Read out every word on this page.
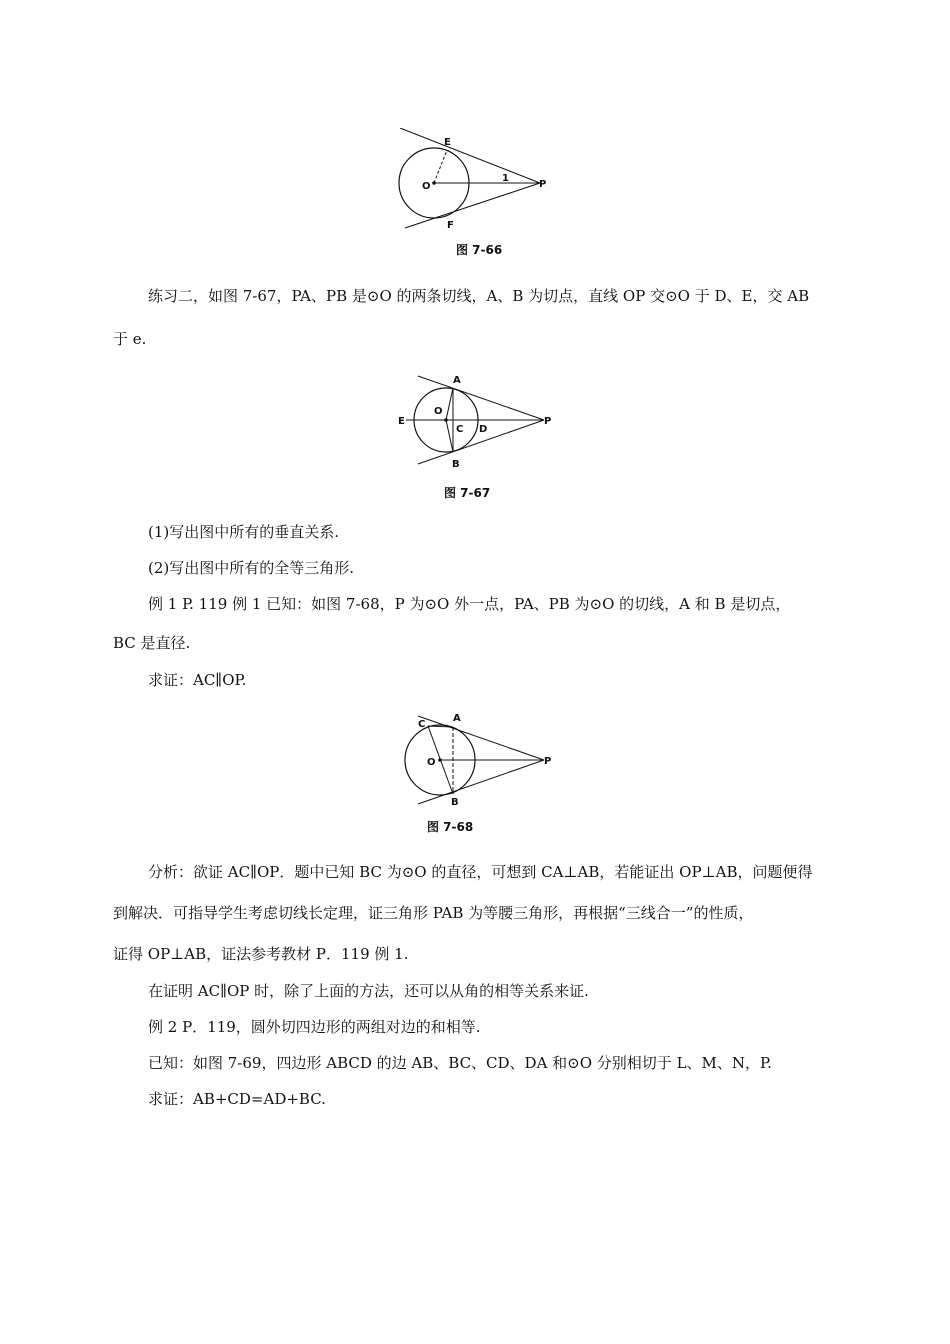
E
O
1
P
F
图 7-66
练习二，如图 7-67，PA、PB 是⊙O 的两条切线，A、B 为切点，直线 OP 交⊙O 于 D、E，交 AB
于 e.
A
O
E
C D
P
B
图 7-67
(1)写出图中所有的垂直关系.
(2)写出图中所有的全等三角形.
例 1 P. 119 例 1 已知：如图 7-68，P 为⊙O 外一点，PA、PB 为⊙O 的切线，A 和 B 是切点，
BC 是直径.
求证：AC∥OP.
C
A
O	P
B
图 7-68
分析：欲证 AC∥OP．题中已知 BC 为⊙O 的直径，可想到 CA⊥AB，若能证出 OP⊥AB，问题便得
到解决．可指导学生考虑切线长定理，证三角形 PAB 为等腰三角形，再根据“三线合一”的性质，
证得 OP⊥AB，证法参考教材 P．119 例 1.
在证明 AC∥OP 时，除了上面的方法，还可以从角的相等关系来证.
例 2 P．119，圆外切四边形的两组对边的和相等.
已知：如图 7-69，四边形 ABCD 的边 AB、BC、CD、DA 和⊙O 分别相切于 L、M、N，P.
求证：AB+CD=AD+BC.
